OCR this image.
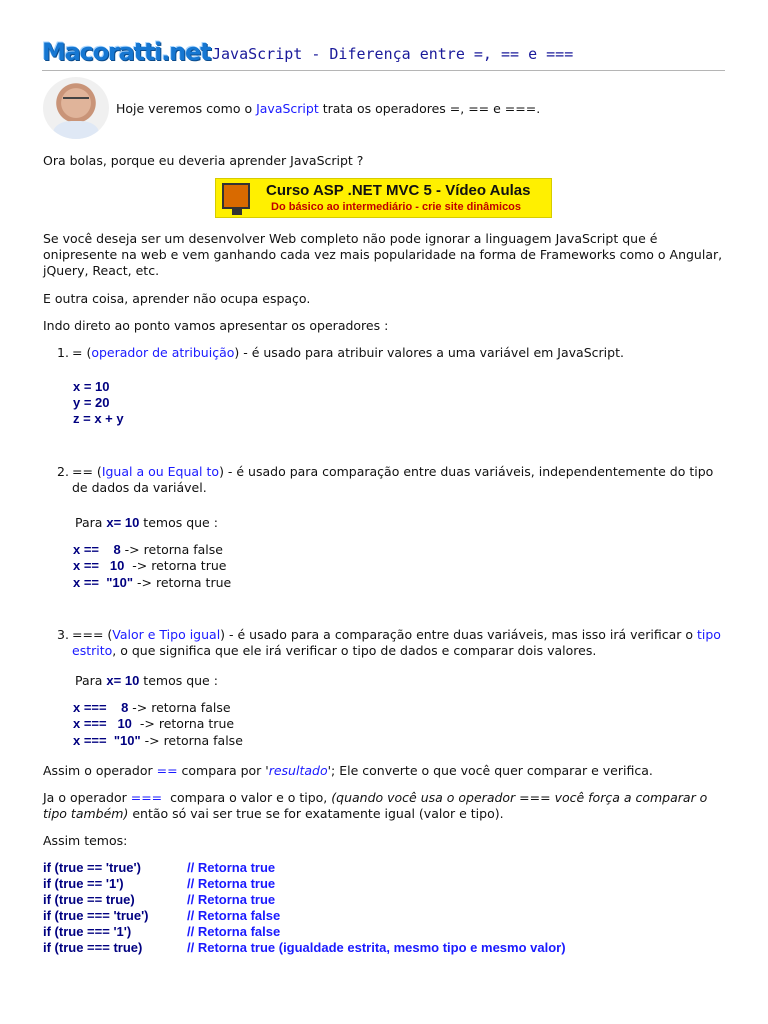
Macoratti.net JavaScript - Diferença entre =, == e ===
Hoje veremos como o JavaScript trata os operadores =, == e ===.
Ora bolas, porque eu deveria aprender JavaScript ?
Curso ASP .NET MVC 5 - Vídeo Aulas
Do básico ao intermediário - crie site dinâmicos
Se você deseja ser um desenvolver Web completo não pode ignorar a linguagem JavaScript que é
onipresente na web e vem ganhando cada vez mais popularidade na forma de Frameworks como o Angular,
jQuery, React, etc.
E outra coisa, aprender não ocupa espaço.
Indo direto ao ponto vamos apresentar os operadores :
1. = (operador de atribuição) - é usado para atribuir valores a uma variável em JavaScript.
x = 10
y = 20
z = x + y
2. == (Igual a ou Equal to) - é usado para comparação entre duas variáveis, independentemente do tipo
de dados da variável.
Para x= 10 temos que :
x ==    8 -> retorna false
x ==   10  -> retorna true
x ==  "10" -> retorna true
3. === (Valor e Tipo igual) - é usado para a comparação entre duas variáveis, mas isso irá verificar o tipo
estrito, o que significa que ele irá verificar o tipo de dados e comparar dois valores.
Para x= 10 temos que :
x ===    8 -> retorna false
x ===   10  -> retorna true
x ===  "10" -> retorna false
Assim o operador == compara por 'resultado'; Ele converte o que você quer comparar e verifica.
Ja o operador ===  compara o valor e o tipo, (quando você usa o operador === você força a comparar o
tipo também) então só vai ser true se for exatamente igual (valor e tipo).
Assim temos:
if (true == 'true')	// Retorna true
if (true == '1')	// Retorna true
if (true == true)	// Retorna true
if (true === 'true')	// Retorna false
if (true === '1')	// Retorna false
if (true === true)	// Retorna true (igualdade estrita, mesmo tipo e mesmo valor)
